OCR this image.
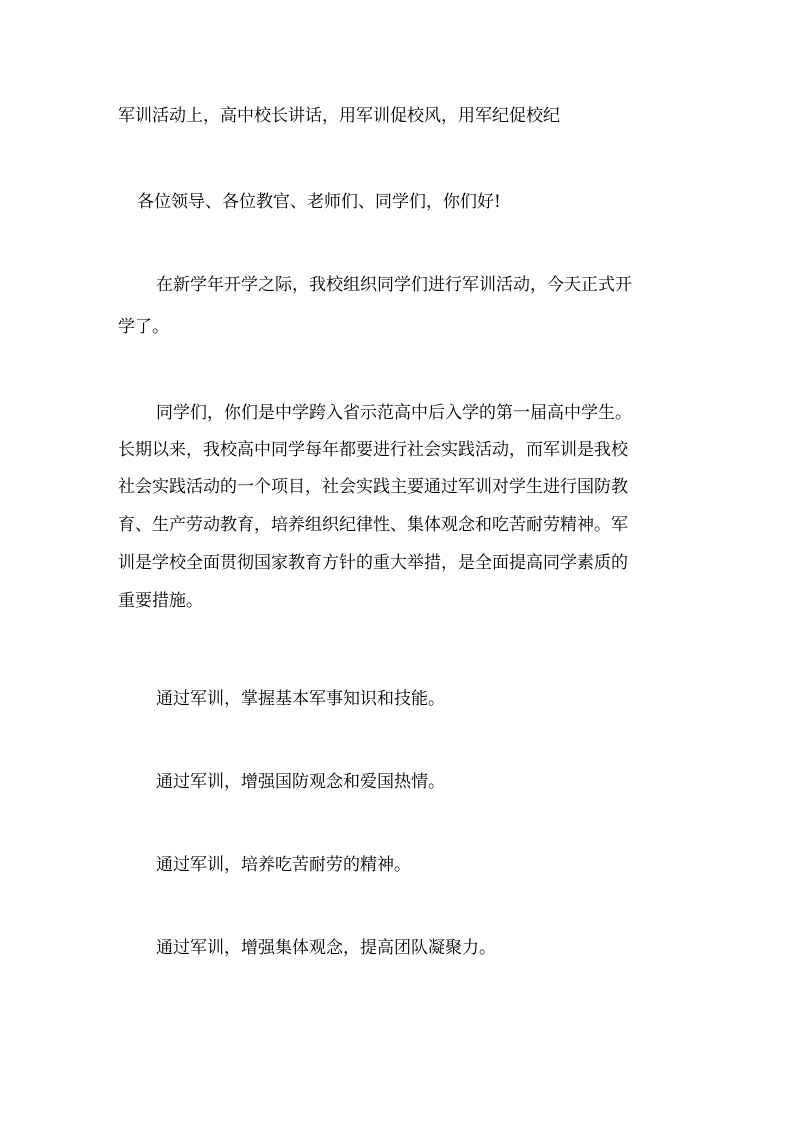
军训活动上，高中校长讲话，用军训促校风，用军纪促校纪

各位领导、各位教官、老师们、同学们，你们好!

在新学年开学之际，我校组织同学们进行军训活动，今天正式开

学了。

同学们，你们是中学跨入省示范高中后入学的第一届高中学生。

长期以来，我校高中同学每年都要进行社会实践活动，而军训是我校

社会实践活动的一个项目，社会实践主要通过军训对学生进行国防教

育、生产劳动教育，培养组织纪律性、集体观念和吃苦耐劳精神。军

训是学校全面贯彻国家教育方针的重大举措，是全面提高同学素质的

重要措施。

通过军训，掌握基本军事知识和技能。

通过军训，增强国防观念和爱国热情。

通过军训，培养吃苦耐劳的精神。

通过军训，增强集体观念，提高团队凝聚力。
